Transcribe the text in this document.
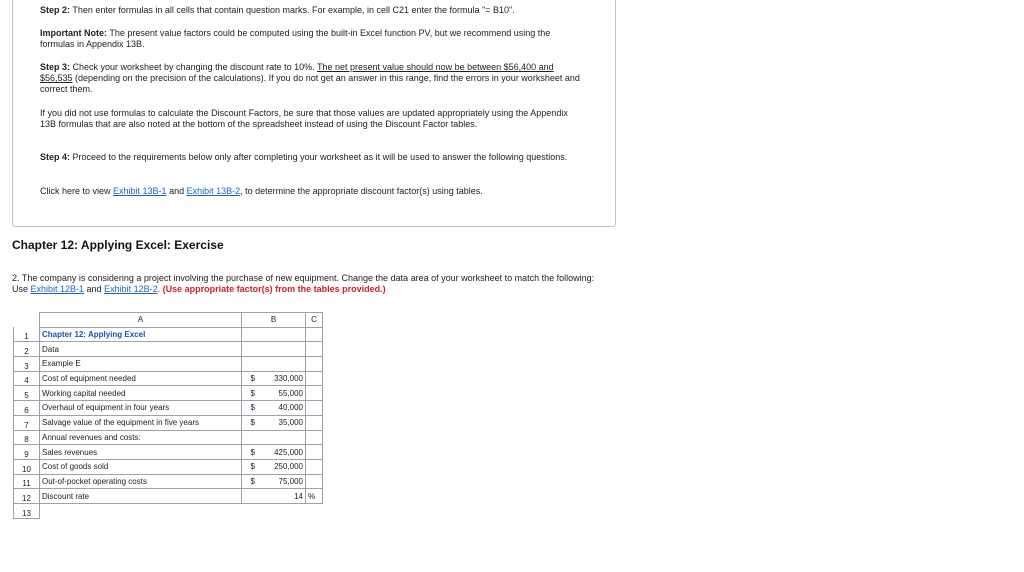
Step 2: Then enter formulas in all cells that contain question marks. For example, in cell C21 enter the formula "= B10".
Important Note: The present value factors could be computed using the built-in Excel function PV, but we recommend using the formulas in Appendix 13B.
Step 3: Check your worksheet by changing the discount rate to 10%. The net present value should now be between $56,400 and $56,535 (depending on the precision of the calculations). If you do not get an answer in this range, find the errors in your worksheet and correct them.
If you did not use formulas to calculate the Discount Factors, be sure that those values are updated appropriately using the Appendix 13B formulas that are also noted at the bottom of the spreadsheet instead of using the Discount Factor tables.
Step 4: Proceed to the requirements below only after completing your worksheet as it will be used to answer the following questions.
Click here to view Exhibit 13B-1 and Exhibit 13B-2, to determine the appropriate discount factor(s) using tables.
Chapter 12: Applying Excel: Exercise
2. The company is considering a project involving the purchase of new equipment. Change the data area of your worksheet to match the following: Use Exhibit 12B-1 and Exhibit 12B-2. (Use appropriate factor(s) from the tables provided.)
	A	B		C
1	Chapter 12: Applying Excel			
2	Data			
3	Example E			
4	Cost of equipment needed	$	330,000	
5	Working capital needed	$	55,000	
6	Overhaul of equipment in four years	$	40,000	
7	Salvage value of the equipment in five years	$	35,000	
8	Annual revenues and costs:			
9	Sales revenues	$	425,000	
10	Cost of goods sold	$	250,000	
11	Out-of-pocket operating costs	$	75,000	
12	Discount rate		14	%
13				
